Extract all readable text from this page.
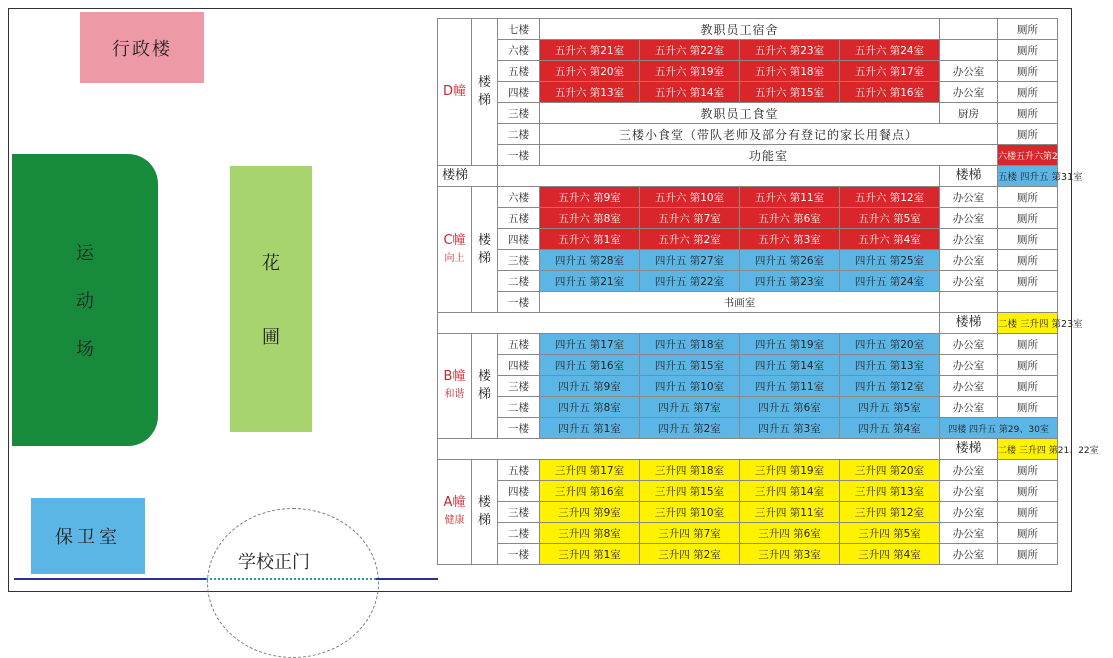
行政楼
运
动
场
花
圃
保卫室
学校正门
D幢	楼
梯	七楼	教职员工宿舍					厕所
		六楼	五升六 第21室	五升六 第22室	五升六 第23室	五升六 第24室		厕所
		五楼	五升六 第20室	五升六 第19室	五升六 第18室	五升六 第17室	办公室	厕所
		四楼	五升六 第13室	五升六 第14室	五升六 第15室	五升六 第16室	办公室	厕所
		三楼	教职员工食堂				厨房	厕所
		二楼	三楼小食堂（带队老师及部分有登记的家长用餐点）					厕所
		一楼	功能室					六楼五升六第25、26、27室
楼梯							楼梯	五楼 四升五 第31室
C幢
向上	楼
梯	六楼	五升六 第9室	五升六 第10室	五升六 第11室	五升六 第12室	办公室	厕所
		五楼	五升六 第8室	五升六 第7室	五升六 第6室	五升六 第5室	办公室	厕所
		四楼	五升六 第1室	五升六 第2室	五升六 第3室	五升六 第4室	办公室	厕所
		三楼	四升五 第28室	四升五 第27室	四升五 第26室	四升五 第25室	办公室	厕所
		二楼	四升五 第21室	四升五 第22室	四升五 第23室	四升五 第24室	办公室	厕所
		一楼	书画室					
							楼梯	二楼 三升四 第23室
B幢
和谐	楼
梯	五楼	四升五 第17室	四升五 第18室	四升五 第19室	四升五 第20室	办公室	厕所
		四楼	四升五 第16室	四升五 第15室	四升五 第14室	四升五 第13室	办公室	厕所
		三楼	四升五 第9室	四升五 第10室	四升五 第11室	四升五 第12室	办公室	厕所
		二楼	四升五 第8室	四升五 第7室	四升五 第6室	四升五 第5室	办公室	厕所
		一楼	四升五 第1室	四升五 第2室	四升五 第3室	四升五 第4室	四楼 四升五 第29、30室	
							楼梯	二楼 三升四 第21、22室
A幢
健康	楼
梯	五楼	三升四 第17室	三升四 第18室	三升四 第19室	三升四 第20室	办公室	厕所
		四楼	三升四 第16室	三升四 第15室	三升四 第14室	三升四 第13室	办公室	厕所
		三楼	三升四 第9室	三升四 第10室	三升四 第11室	三升四 第12室	办公室	厕所
		二楼	三升四 第8室	三升四 第7室	三升四 第6室	三升四 第5室	办公室	厕所
		一楼	三升四 第1室	三升四 第2室	三升四 第3室	三升四 第4室	办公室	厕所
